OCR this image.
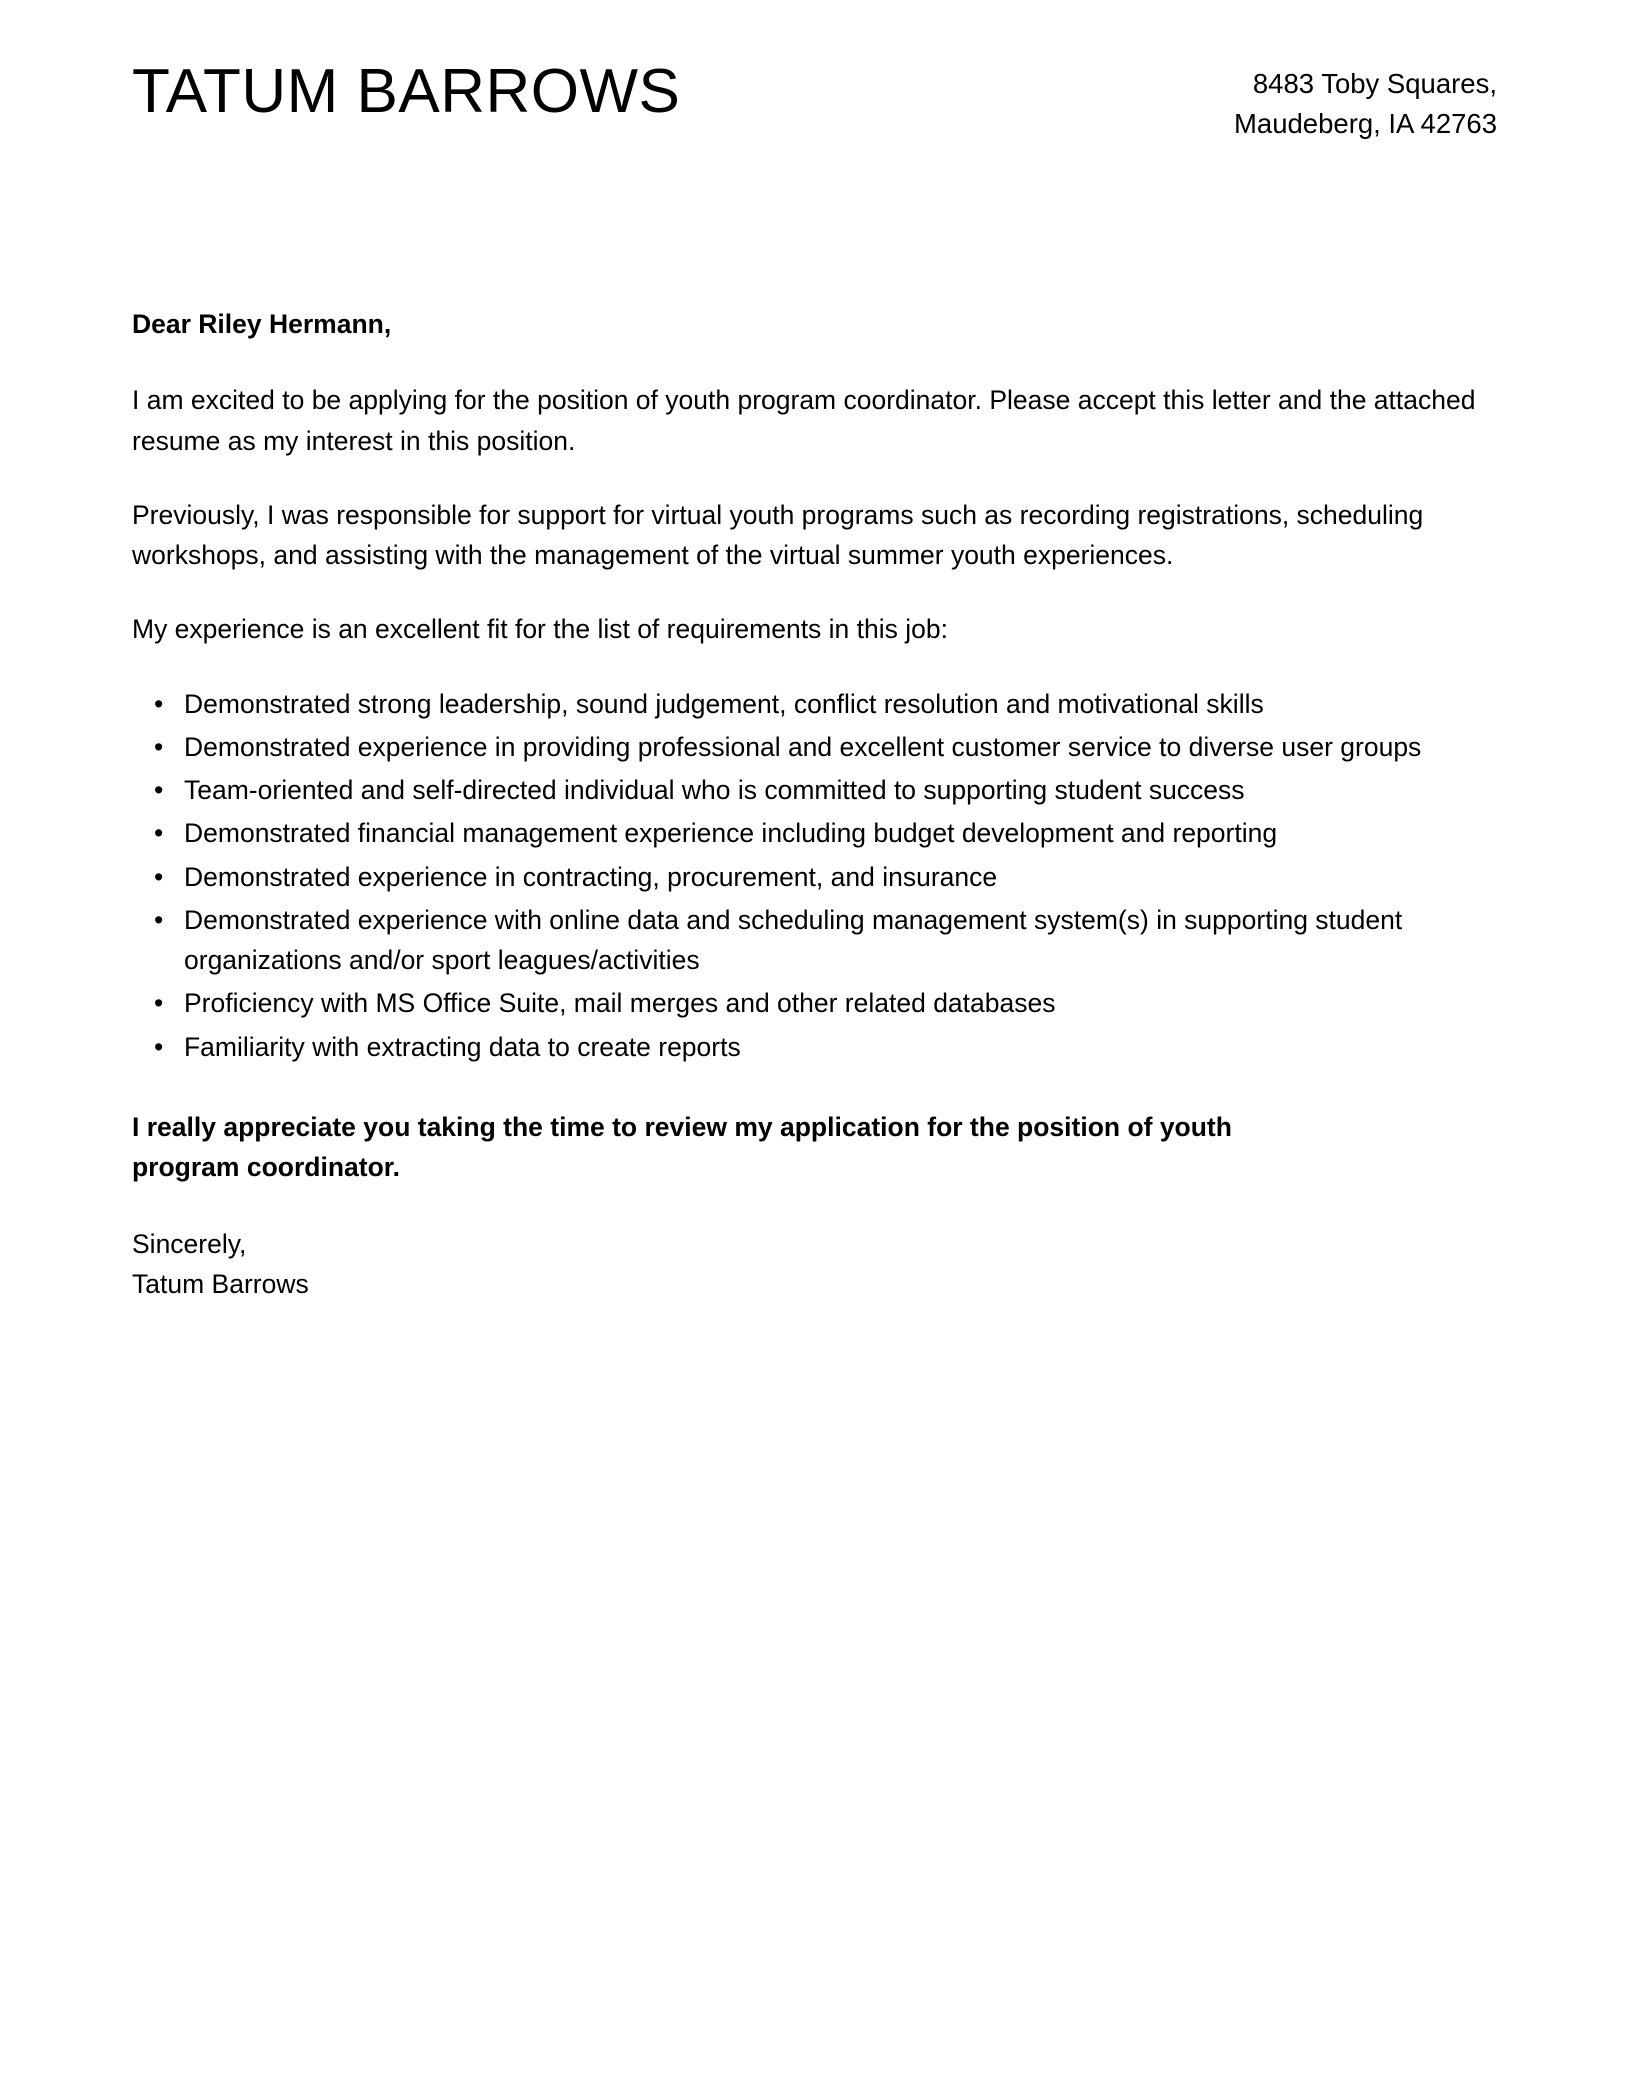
TATUM BARROWS	8483 Toby Squares,
Maudeberg, IA 42763

Dear Riley Hermann,

I am excited to be applying for the position of youth program coordinator. Please accept this letter and the attached resume as my interest in this position.

Previously, I was responsible for support for virtual youth programs such as recording registrations, scheduling workshops, and assisting with the management of the virtual summer youth experiences.

My experience is an excellent fit for the list of requirements in this job:

• Demonstrated strong leadership, sound judgement, conflict resolution and motivational skills
• Demonstrated experience in providing professional and excellent customer service to diverse user groups
• Team-oriented and self-directed individual who is committed to supporting student success
• Demonstrated financial management experience including budget development and reporting
• Demonstrated experience in contracting, procurement, and insurance
• Demonstrated experience with online data and scheduling management system(s) in supporting student organizations and/or sport leagues/activities
• Proficiency with MS Office Suite, mail merges and other related databases
• Familiarity with extracting data to create reports

I really appreciate you taking the time to review my application for the position of youth program coordinator.

Sincerely,
Tatum Barrows
